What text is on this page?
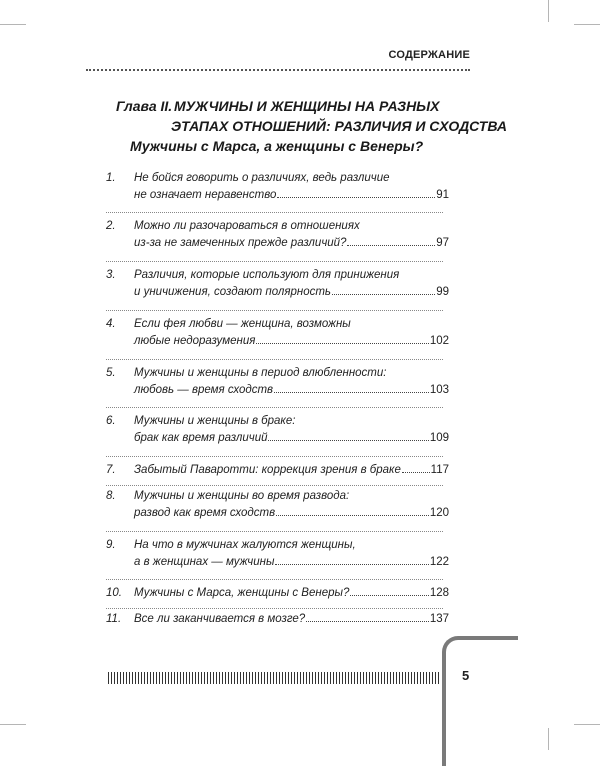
СОДЕРЖАНИЕ
Глава II. МУЖЧИНЫ И ЖЕНЩИНЫ НА РАЗНЫХ
ЭТАПАХ ОТНОШЕНИЙ: РАЗЛИЧИЯ И СХОДСТВА
Мужчины с Марса, а женщины с Венеры?
1. Не бойся говорить о различиях, ведь различие
не означает неравенство	91
2. Можно ли разочароваться в отношениях
из-за не замеченных прежде различий?	97
3. Различия, которые используют для принижения
и уничижения, создают полярность	99
4. Если фея любви — женщина, возможны
любые недоразумения	102
5. Мужчины и женщины в период влюбленности:
любовь — время сходств	103
6. Мужчины и женщины в браке:
брак как время различий	109
7. Забытый Паваротти: коррекция зрения в браке	117
8. Мужчины и женщины во время развода:
развод как время сходств	120
9. На что в мужчинах жалуются женщины,
а в женщинах — мужчины	122
10. Мужчины с Марса, женщины с Венеры?	128
11. Все ли заканчивается в мозге?	137
5
